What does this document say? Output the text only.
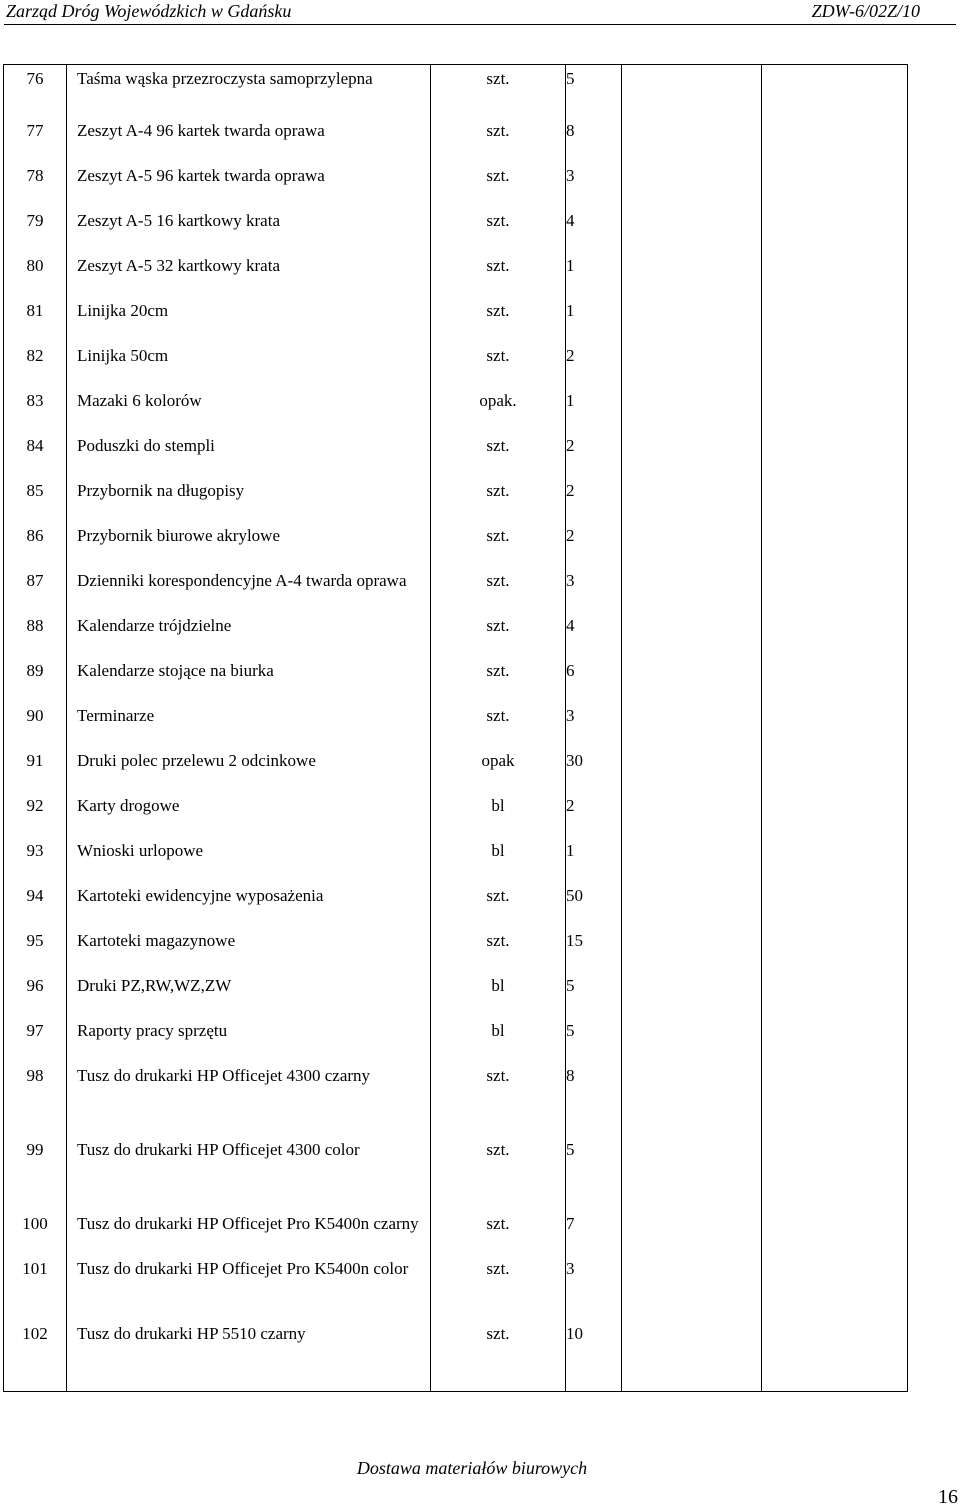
Zarząd Dróg Wojewódzkich w Gdańsku	ZDW-6/02Z/10
76	Taśma wąska przezroczysta samoprzylepna	szt.	5		
77	Zeszyt A-4 96 kartek twarda oprawa	szt.	8		
78	Zeszyt A-5 96 kartek twarda oprawa	szt.	3		
79	Zeszyt A-5 16 kartkowy krata	szt.	4		
80	Zeszyt A-5 32 kartkowy krata	szt.	1		
81	Linijka 20cm	szt.	1		
82	Linijka 50cm	szt.	2		
83	Mazaki 6 kolorów	opak.	1		
84	Poduszki do stempli	szt.	2		
85	Przybornik na długopisy	szt.	2		
86	Przybornik biurowe akrylowe	szt.	2		
87	Dzienniki korespondencyjne A-4 twarda oprawa	szt.	3		
88	Kalendarze trójdzielne	szt.	4		
89	Kalendarze stojące na biurka	szt.	6		
90	Terminarze	szt.	3		
91	Druki polec przelewu 2 odcinkowe	opak	30		
92	Karty drogowe	bl	2		
93	Wnioski urlopowe	bl	1		
94	Kartoteki ewidencyjne wyposażenia	szt.	50		
95	Kartoteki magazynowe	szt.	15		
96	Druki PZ,RW,WZ,ZW	bl	5		
97	Raporty pracy sprzętu	bl	5		
98	Tusz do drukarki HP Officejet 4300 czarny	szt.	8		
99	Tusz do drukarki HP Officejet 4300 color	szt.	5		
100	Tusz do drukarki HP Officejet Pro K5400n czarny	szt.	7		
101	Tusz do drukarki HP Officejet Pro K5400n color	szt.	3		
102	Tusz do drukarki HP 5510 czarny	szt.	10		
Dostawa materiałów biurowych
16
